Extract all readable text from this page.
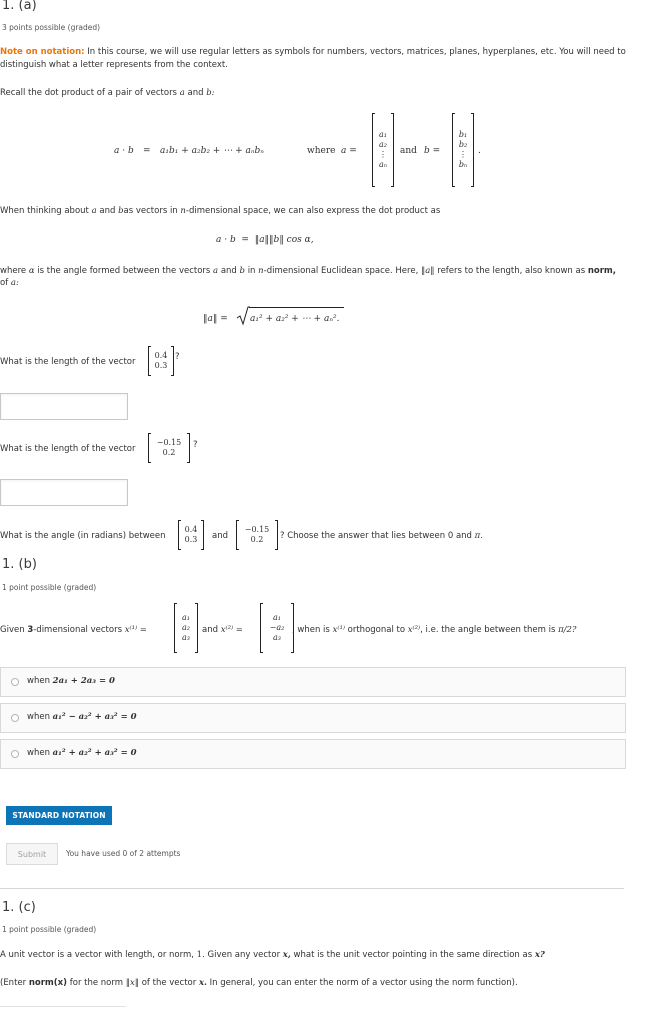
1. (a)
3 points possible (graded)
Note on notation: In this course, we will use regular letters as symbols for numbers, vectors, matrices, planes, hyperplanes, etc. You will need to
distinguish what a letter represents from the context.
Recall the dot product of a pair of vectors a and b:
a · b = a₁b₁ + a₂b₂ + ⋯ + aₙbₙ	where a =
a₁
a₂
⋮
aₙ
and b =
b₁
b₂
⋮
bₙ
.
When thinking about a and bas vectors in n-dimensional space, we can also express the dot product as
a · b  =  ‖a‖‖b‖ cos α,
where α is the angle formed between the vectors a and b in n-dimensional Euclidean space. Here, ‖a‖ refers to the length, also known as norm,
of a:
‖a‖ = a₁² + a₂² + ⋯ + aₙ².
What is the length of the vector
0.4
0.3
?
What is the length of the vector
−0.15
0.2
?
What is the angle (in radians) between
0.4
0.3 and
−0.15
0.2 ? Choose the answer that lies between 0 and π.
1. (b)
1 point possible (graded)
Given 3-dimensional vectors x⁽¹⁾ =
a₁
a₂
a₃
and x⁽²⁾ =
a₁
−a₂
a₃
, when is x⁽¹⁾ orthogonal to x⁽²⁾, i.e. the angle between them is π/2?
when 2a₁ + 2a₃ = 0
when a₁² − a₂² + a₃² = 0
when a₁² + a₂² + a₃² = 0
STANDARD NOTATION
Submit	You have used 0 of 2 attempts
1. (c)
1 point possible (graded)
A unit vector is a vector with length, or norm, 1. Given any vector x, what is the unit vector pointing in the same direction as x?
(Enter norm(x) for the norm ‖x‖ of the vector x. In general, you can enter the norm of a vector using the norm function).
